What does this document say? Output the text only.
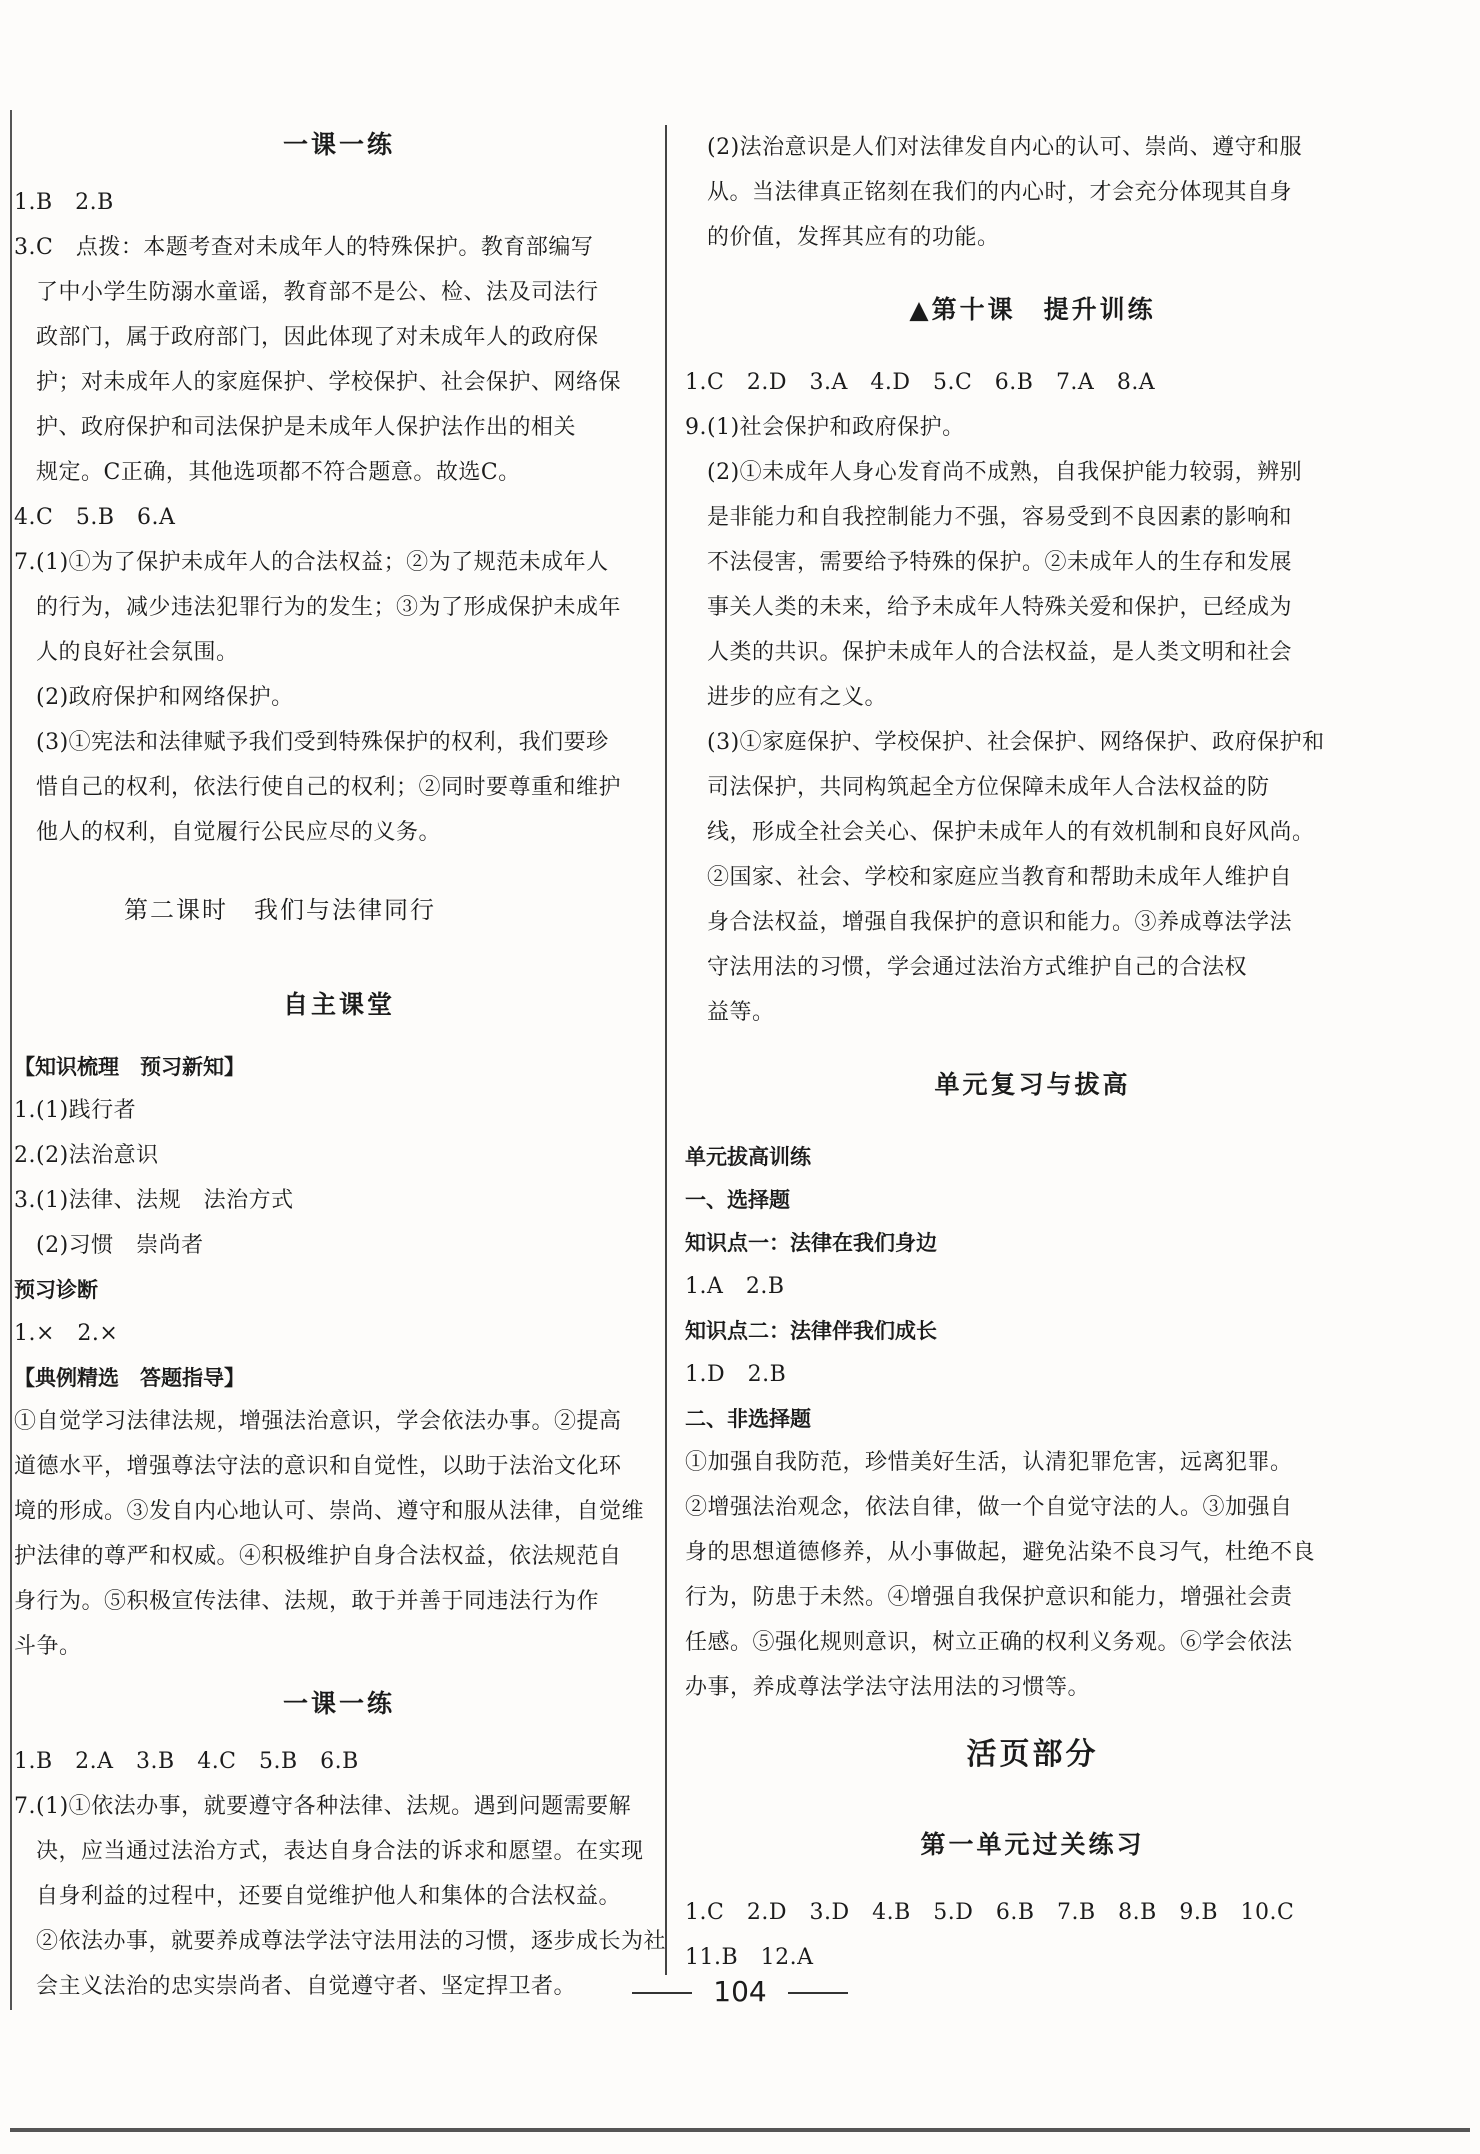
一课一练
1.B　2.B
3.C　点拨：本题考查对未成年人的特殊保护。教育部编写
了中小学生防溺水童谣，教育部不是公、检、法及司法行
政部门，属于政府部门，因此体现了对未成年人的政府保
护；对未成年人的家庭保护、学校保护、社会保护、网络保
护、政府保护和司法保护是未成年人保护法作出的相关
规定。C正确，其他选项都不符合题意。故选C。
4.C　5.B　6.A
7.(1)①为了保护未成年人的合法权益；②为了规范未成年人
的行为，减少违法犯罪行为的发生；③为了形成保护未成年
人的良好社会氛围。
(2)政府保护和网络保护。
(3)①宪法和法律赋予我们受到特殊保护的权利，我们要珍
惜自己的权利，依法行使自己的权利；②同时要尊重和维护
他人的权利，自觉履行公民应尽的义务。
第二课时　我们与法律同行
自主课堂
【知识梳理　预习新知】
1.(1)践行者
2.(2)法治意识
3.(1)法律、法规　法治方式
(2)习惯　崇尚者
预习诊断
1.×　2.×
【典例精选　答题指导】
①自觉学习法律法规，增强法治意识，学会依法办事。②提高
道德水平，增强尊法守法的意识和自觉性，以助于法治文化环
境的形成。③发自内心地认可、崇尚、遵守和服从法律，自觉维
护法律的尊严和权威。④积极维护自身合法权益，依法规范自
身行为。⑤积极宣传法律、法规，敢于并善于同违法行为作
斗争。
一课一练
1.B　2.A　3.B　4.C　5.B　6.B
7.(1)①依法办事，就要遵守各种法律、法规。遇到问题需要解
决，应当通过法治方式，表达自身合法的诉求和愿望。在实现
自身利益的过程中，还要自觉维护他人和集体的合法权益。
②依法办事，就要养成尊法学法守法用法的习惯，逐步成长为社
会主义法治的忠实崇尚者、自觉遵守者、坚定捍卫者。
(2)法治意识是人们对法律发自内心的认可、崇尚、遵守和服
从。当法律真正铭刻在我们的内心时，才会充分体现其自身
的价值，发挥其应有的功能。
▲第十课　提升训练
1.C　2.D　3.A　4.D　5.C　6.B　7.A　8.A
9.(1)社会保护和政府保护。
(2)①未成年人身心发育尚不成熟，自我保护能力较弱，辨别
是非能力和自我控制能力不强，容易受到不良因素的影响和
不法侵害，需要给予特殊的保护。②未成年人的生存和发展
事关人类的未来，给予未成年人特殊关爱和保护，已经成为
人类的共识。保护未成年人的合法权益，是人类文明和社会
进步的应有之义。
(3)①家庭保护、学校保护、社会保护、网络保护、政府保护和
司法保护，共同构筑起全方位保障未成年人合法权益的防
线，形成全社会关心、保护未成年人的有效机制和良好风尚。
②国家、社会、学校和家庭应当教育和帮助未成年人维护自
身合法权益，增强自我保护的意识和能力。③养成尊法学法
守法用法的习惯，学会通过法治方式维护自己的合法权
益等。
单元复习与拔高
单元拔高训练
一、选择题
知识点一：法律在我们身边
1.A　2.B
知识点二：法律伴我们成长
1.D　2.B
二、非选择题
①加强自我防范，珍惜美好生活，认清犯罪危害，远离犯罪。
②增强法治观念，依法自律，做一个自觉守法的人。③加强自
身的思想道德修养，从小事做起，避免沾染不良习气，杜绝不良
行为，防患于未然。④增强自我保护意识和能力，增强社会责
任感。⑤强化规则意识，树立正确的权利义务观。⑥学会依法
办事，养成尊法学法守法用法的习惯等。
活页部分
第一单元过关练习
1.C　2.D　3.D　4.B　5.D　6.B　7.B　8.B　9.B　10.C
11.B　12.A
104
